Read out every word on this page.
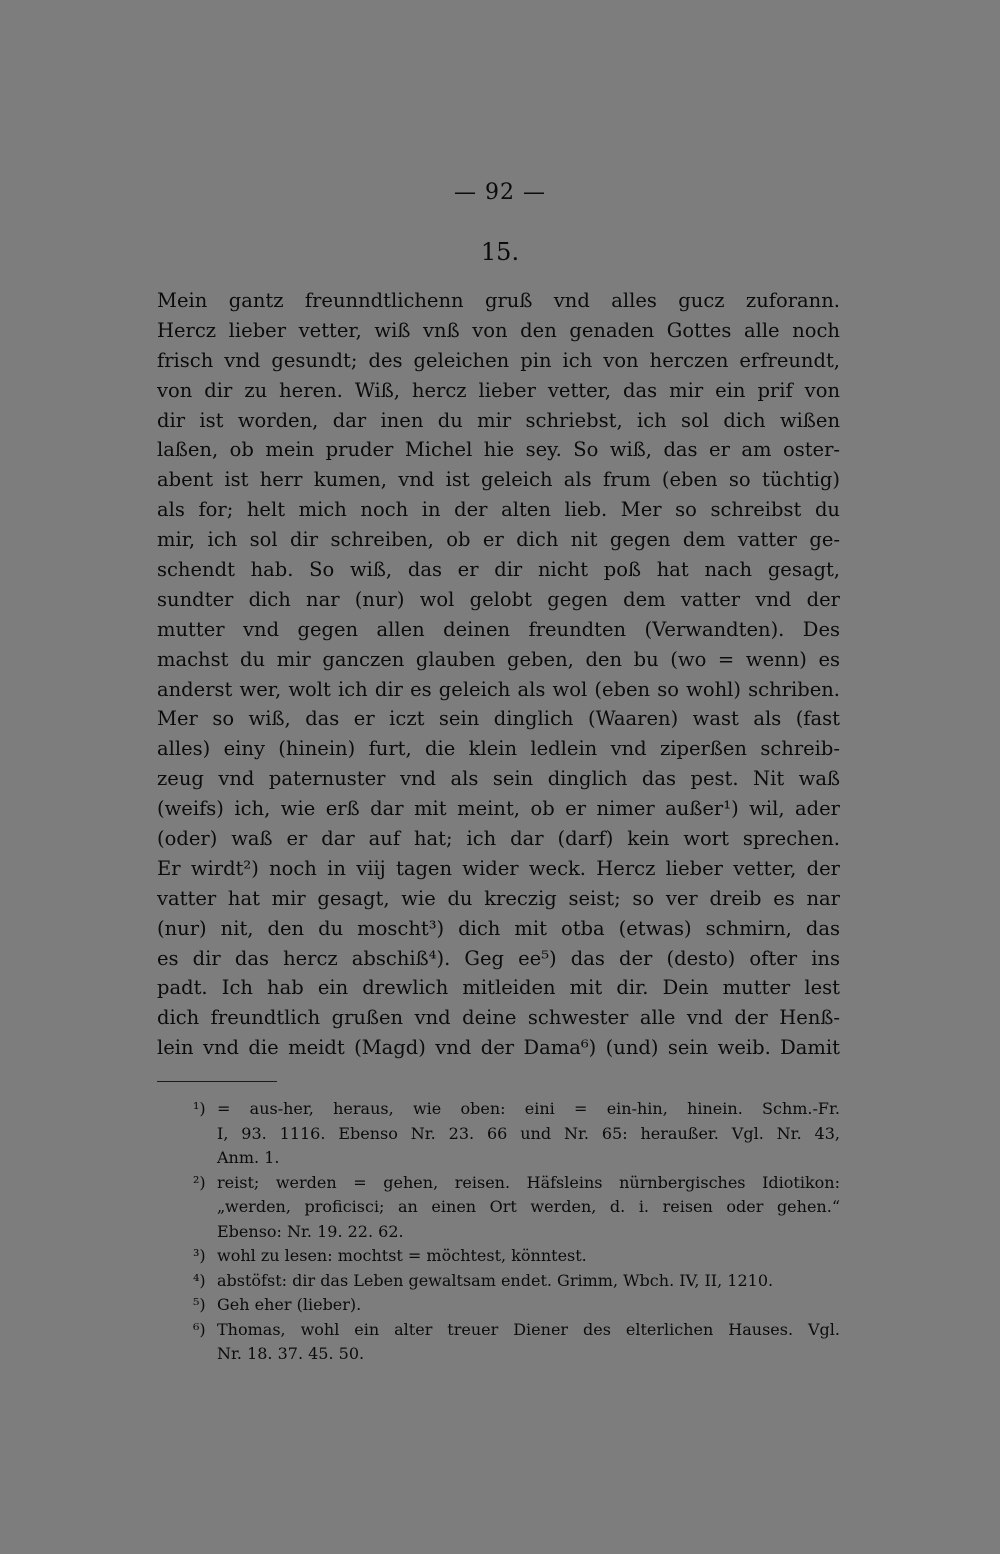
— 92 —
15.
Mein gantz freunndtlichenn gruß vnd alles gucz zuforann.
Hercz lieber vetter, wiß vnß von den genaden Gottes alle noch
frisch vnd gesundt; des geleichen pin ich von herczen erfreundt,
von dir zu heren. Wiß, hercz lieber vetter, das mir ein prif von
dir ist worden, dar inen du mir schriebst, ich sol dich wißen
laßen, ob mein pruder Michel hie sey. So wiß, das er am oster-
abent ist herr kumen, vnd ist geleich als frum (eben so tüchtig)
als for; helt mich noch in der alten lieb. Mer so schreibst du
mir, ich sol dir schreiben, ob er dich nit gegen dem vatter ge-
schendt hab. So wiß, das er dir nicht poß hat nach gesagt,
sundter dich nar (nur) wol gelobt gegen dem vatter vnd der
mutter vnd gegen allen deinen freundten (Verwandten). Des
machst du mir ganczen glauben geben, den bu (wo = wenn) es
anderst wer, wolt ich dir es geleich als wol (eben so wohl) schriben.
Mer so wiß, das er iczt sein dinglich (Waaren) wast als (fast
alles) einy (hinein) furt, die klein ledlein vnd ziperßen schreib-
zeug vnd paternuster vnd als sein dinglich das pest. Nit waß
(weifs) ich, wie erß dar mit meint, ob er nimer außer¹) wil, ader
(oder) waß er dar auf hat; ich dar (darf) kein wort sprechen.
Er wirdt²) noch in viij tagen wider weck. Hercz lieber vetter, der
vatter hat mir gesagt, wie du kreczig seist; so ver dreib es nar
(nur) nit, den du moscht³) dich mit otba (etwas) schmirn, das
es dir das hercz abschiß⁴). Geg ee⁵) das der (desto) ofter ins
padt. Ich hab ein drewlich mitleiden mit dir. Dein mutter lest
dich freundtlich grußen vnd deine schwester alle vnd der Henß-
lein vnd die meidt (Magd) vnd der Dama⁶) (und) sein weib. Damit
¹) = aus-her, heraus, wie oben: eini = ein-hin, hinein. Schm.-Fr.
I, 93. 1116. Ebenso Nr. 23. 66 und Nr. 65: heraußer. Vgl. Nr. 43,
Anm. 1.
²) reist; werden = gehen, reisen. Häfsleins nürnbergisches Idiotikon:
„werden, proficisci; an einen Ort werden, d. i. reisen oder gehen.“
Ebenso: Nr. 19. 22. 62.
³) wohl zu lesen: mochtst = möchtest, könntest.
⁴) abstöfst: dir das Leben gewaltsam endet. Grimm, Wbch. IV, II, 1210.
⁵) Geh eher (lieber).
⁶) Thomas, wohl ein alter treuer Diener des elterlichen Hauses. Vgl.
Nr. 18. 37. 45. 50.
